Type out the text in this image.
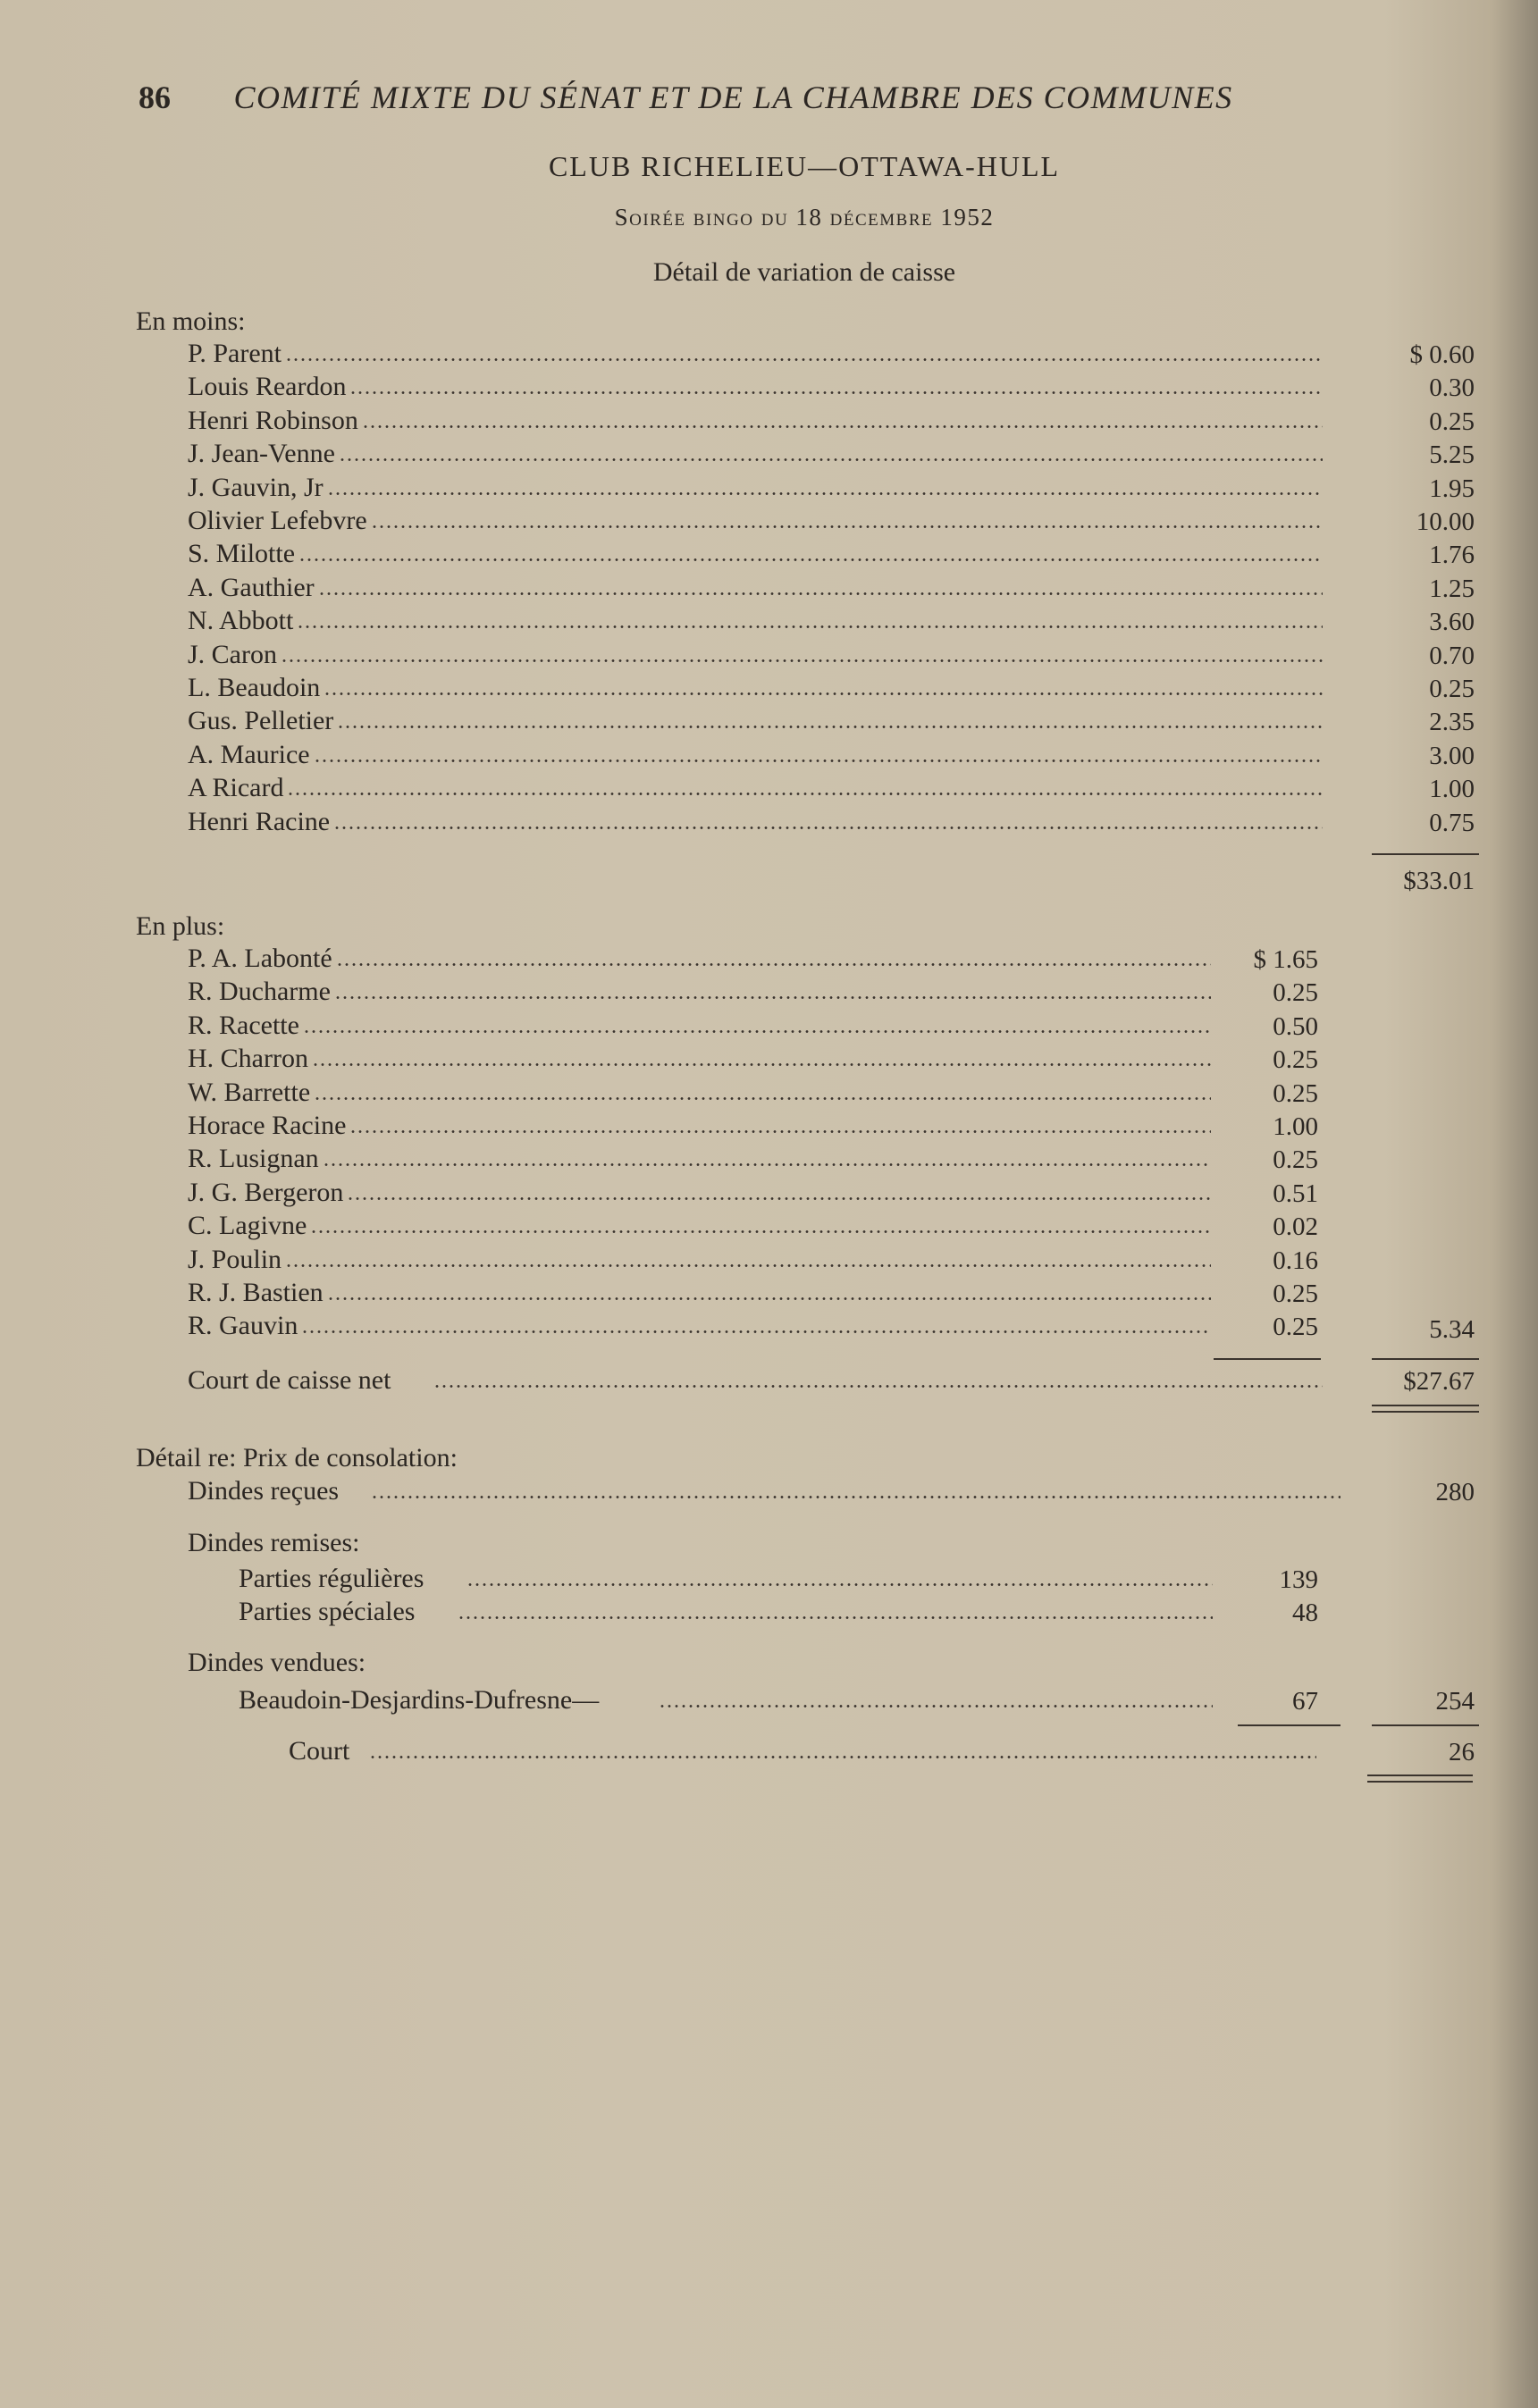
86 COMITÉ MIXTE DU SÉNAT ET DE LA CHAMBRE DES COMMUNES
CLUB RICHELIEU—OTTAWA-HULL
Soirée bingo du 18 décembre 1952
Détail de variation de caisse
En moins:
P. Parent	$ 0.60
Louis Reardon	0.30
Henri Robinson	0.25
J. Jean-Venne	5.25
J. Gauvin, Jr	1.95
Olivier Lefebvre	10.00
S. Milotte	1.76
A. Gauthier	1.25
N. Abbott	3.60
J. Caron	0.70
L. Beaudoin	0.25
Gus. Pelletier	2.35
A. Maurice	3.00
A Ricard	1.00
Henri Racine	0.75
$33.01
En plus:
P. A. Labonté	$ 1.65
R. Ducharme	0.25
R. Racette	0.50
H. Charron	0.25
W. Barrette	0.25
Horace Racine	1.00
R. Lusignan	0.25
J. G. Bergeron	0.51
C. Lagivne	0.02
J. Poulin	0.16
R. J. Bastien	0.25
R. Gauvin	0.25	5.34
Court de caisse net	$27.67
Détail re: Prix de consolation:
Dindes reçues	280
Dindes remises:
Parties régulières	139
Parties spéciales	48
Dindes vendues:
Beaudoin-Desjardins-Dufresne—	67	254
Court	26
